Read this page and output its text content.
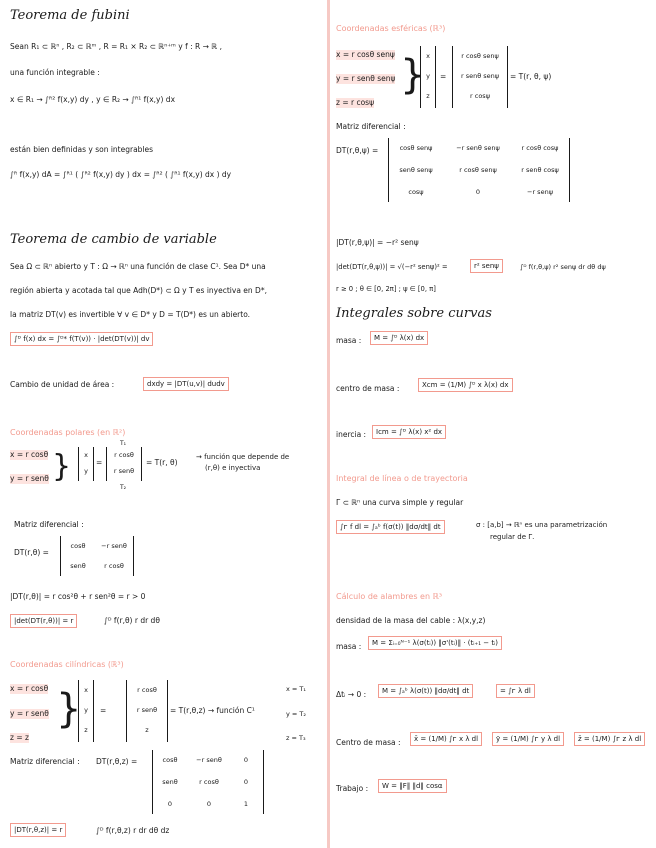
Teorema de fubini
Sean R₁ ⊂ ℝⁿ , R₂ ⊂ ℝᵐ , R = R₁ × R₂ ⊂ ℝⁿ⁺ᵐ y f : R → ℝ ,
una función integrable :
x ∈ R₁ → ∫ᴿ² f(x,y) dy , y ∈ R₂ → ∫ᴿ¹ f(x,y) dx
están bien definidas y son integrables
∫ᴿ f(x,y) dA = ∫ᴿ¹ ( ∫ᴿ² f(x,y) dy ) dx = ∫ᴿ² ( ∫ᴿ¹ f(x,y) dx ) dy
Teorema de cambio de variable
Sea Ω ⊂ ℝⁿ abierto y T : Ω → ℝⁿ una función de clase C¹. Sea D* una
región abierta y acotada tal que Adh(D*) ⊂ Ω y T es inyectiva en D*,
la matriz DT(v) es invertible ∀ v ∈ D* y D = T(D*) es un abierto.
∫ᴰ f(x) dx = ∫ᴰ* f(T(v)) · |det(DT(v))| dv
Cambio de unidad de área :	dxdy = |DT(u,v)| dudv
Coordenadas polares (en ℝ²)
x = r cosθ
y = r senθ }	x
y
=
r cosθ
r senθ
T₁
T₂
= T(r, θ)
→ función que depende de
(r,θ) e inyectiva
Matriz diferencial :
DT(r,θ) =
cosθ	−r senθ
senθ	r cosθ
|DT(r,θ)| = r cos²θ + r sen²θ = r > 0
|det(DT(r,θ))| = r	∫ᴰ f(r,θ) r dr dθ
Coordenadas cilíndricas (ℝ³)
x = r cosθ
y = r senθ
z = z
} x
y
z
=
r cosθ
r senθ
z
= T(r,θ,z) → función C¹
x = T₁
y = T₂
z = T₃
Matriz diferencial : DT(r,θ,z) =	cosθ	−r senθ	0
senθ	r cosθ	0
0	0	1
|DT(r,θ,z)| = r	∫ᴰ f(r,θ,z) r dr dθ dz
Coordenadas esféricas (ℝ³)
x = r cosθ senψ
y = r senθ senψ
z = r cosψ
} x
y
z
=
r cosθ senψ
r senθ senψ
r cosψ
= T(r, θ, ψ)
Matriz diferencial :
DT(r,θ,ψ) =	cosθ senψ	−r senθ senψ	r cosθ cosψ
senθ senψ	r cosθ senψ	r senθ cosψ
cosψ	0	−r senψ
|DT(r,θ,ψ)| = −r² senψ
|det(DT(r,θ,ψ))| = √(−r² senψ)² =	r² senψ	∫ᴰ f(r,θ,ψ) r² senψ dr dθ dψ
r ≥ 0 ; θ ∈ [0, 2π] ; ψ ∈ [0, π]
Integrales sobre curvas
masa :	M = ∫ᴰ λ(x) dx
centro de masa :	Xcm = (1/M) ∫ᴰ x λ(x) dx
inercia :	Icm = ∫ᴰ λ(x) x² dx
Integral de línea o de trayectoria
Γ ⊂ ℝⁿ una curva simple y regular
∫ᴦ f dl = ∫ₐᵇ f(σ(t)) ‖dσ/dt‖ dt	σ : [a,b] → ℝⁿ es una parametrización
regular de Γ.
Cálculo de alambres en ℝ³
densidad de la masa del cable : λ(x,y,z)
masa :	M = Σᵢ₌₀ᴺ⁻¹ λ(σ(tᵢ)) ‖σ'(tᵢ)‖ · (tᵢ₊₁ − tᵢ)
Δtᵢ → 0 :	M = ∫ₐᵇ λ(σ(t)) ‖dσ/dt‖ dt	= ∫ᴦ λ dl
Centro de masa :	x̄ = (1/M) ∫ᴦ x λ dl	ȳ = (1/M) ∫ᴦ y λ dl	z̄ = (1/M) ∫ᴦ z λ dl
Trabajo :	W = ‖F‖ ‖d‖ cosα
